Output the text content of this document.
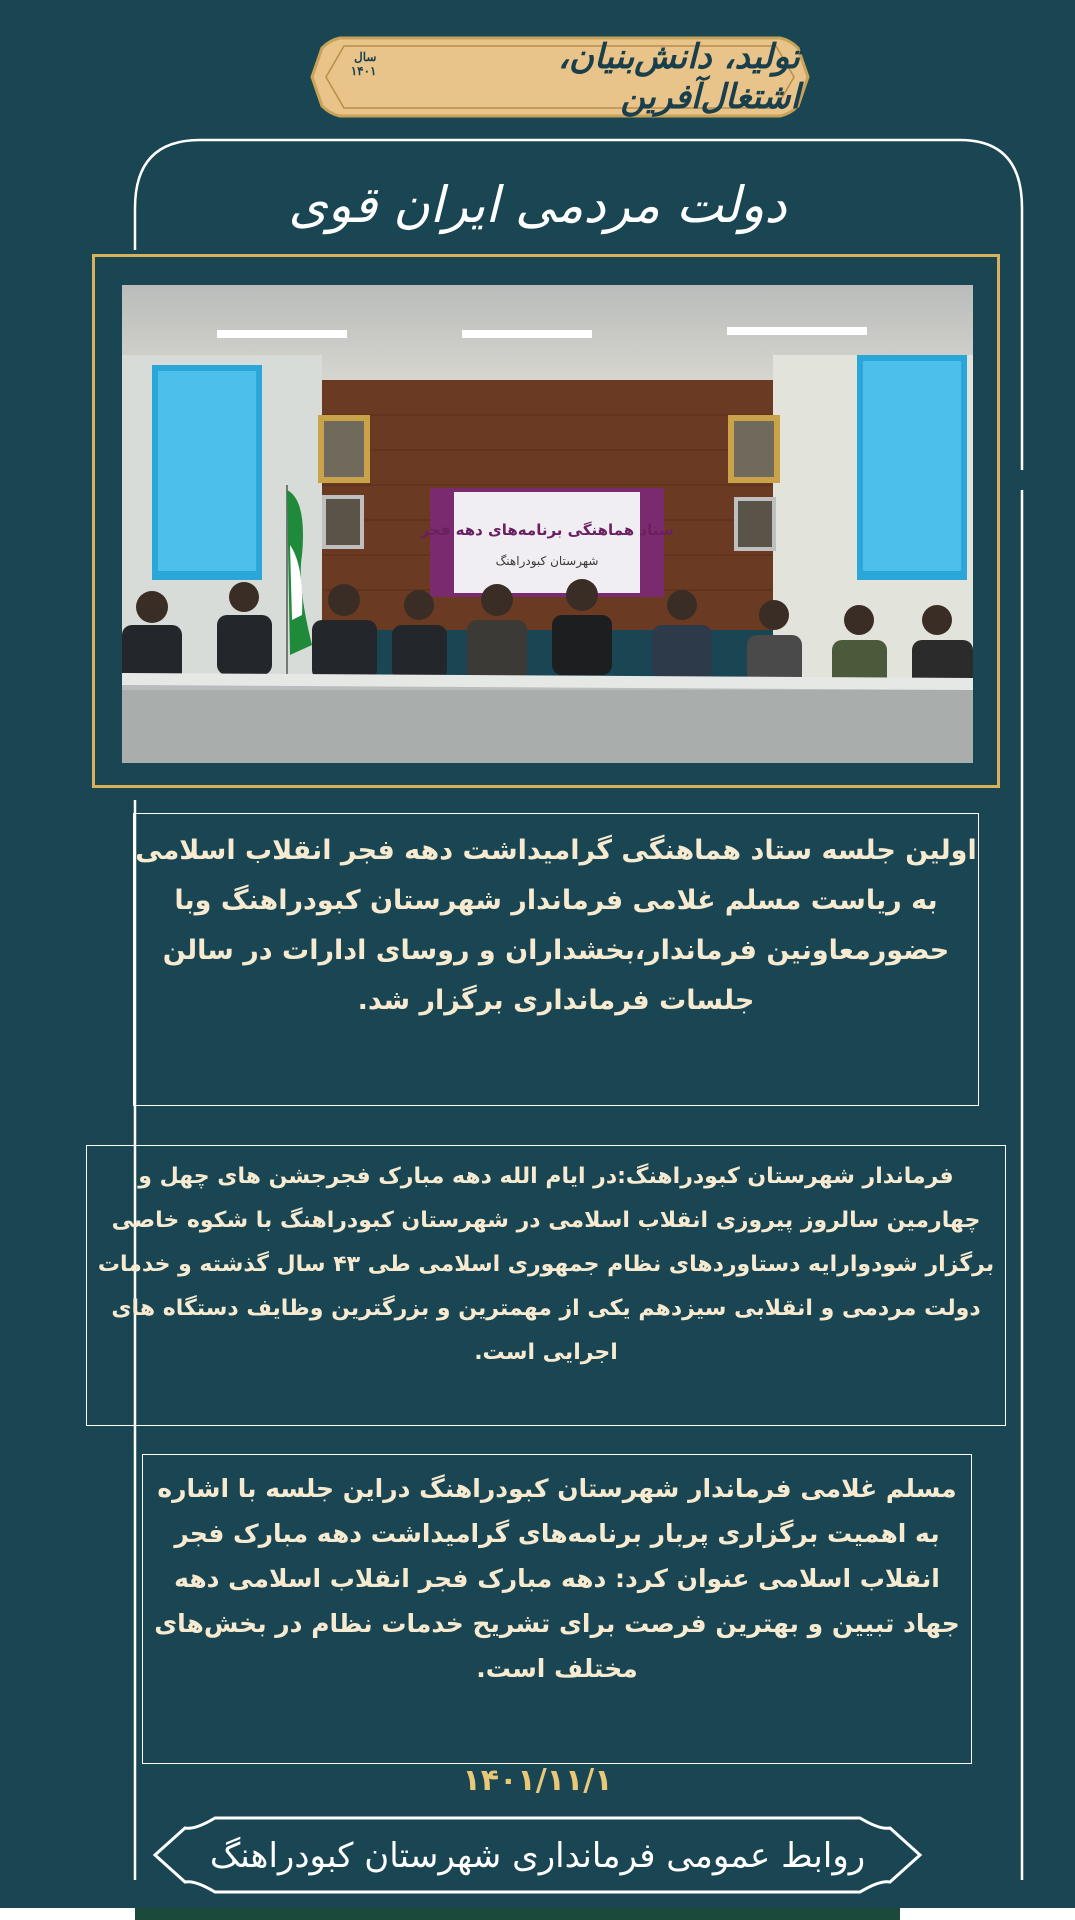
تولید، دانش‌بنیان، اشتغال‌آفرین
سال ۱۴۰۱
دولت مردمی ایران قوی
ستاد هماهنگی برنامه‌های دهه فجر
شهرستان کبودراهنگ
اولین جلسه ستاد هماهنگی گرامیداشت دهه فجر انقلاب اسلامی به ریاست مسلم غلامی فرماندار شهرستان کبودراهنگ وبا حضورمعاونین فرماندار،بخشداران و روسای ادارات در سالن جلسات فرمانداری برگزار شد.
فرماندار شهرستان کبودراهنگ:در ایام الله دهه مبارک فجرجشن های چهل و چهارمین سالروز پیروزی انقلاب اسلامی در شهرستان کبودراهنگ با شکوه خاصی برگزار شودوارایه دستاوردهای نظام جمهوری اسلامی طی ۴۳ سال گذشته و خدمات دولت مردمی و انقلابی سیزدهم یکی از مهمترین و بزرگترین وظایف دستگاه های اجرایی است.
مسلم غلامی فرماندار شهرستان کبودراهنگ دراین جلسه با اشاره به اهمیت برگزاری پربار برنامه‌های گرامیداشت دهه مبارک فجر انقلاب اسلامی عنوان کرد: دهه مبارک فجر انقلاب اسلامی دهه جهاد تبیین و بهترین فرصت برای تشریح خدمات نظام در بخش‌های مختلف است.
۱۴۰۱/۱۱/۱
روابط عمومی فرمانداری شهرستان کبودراهنگ
